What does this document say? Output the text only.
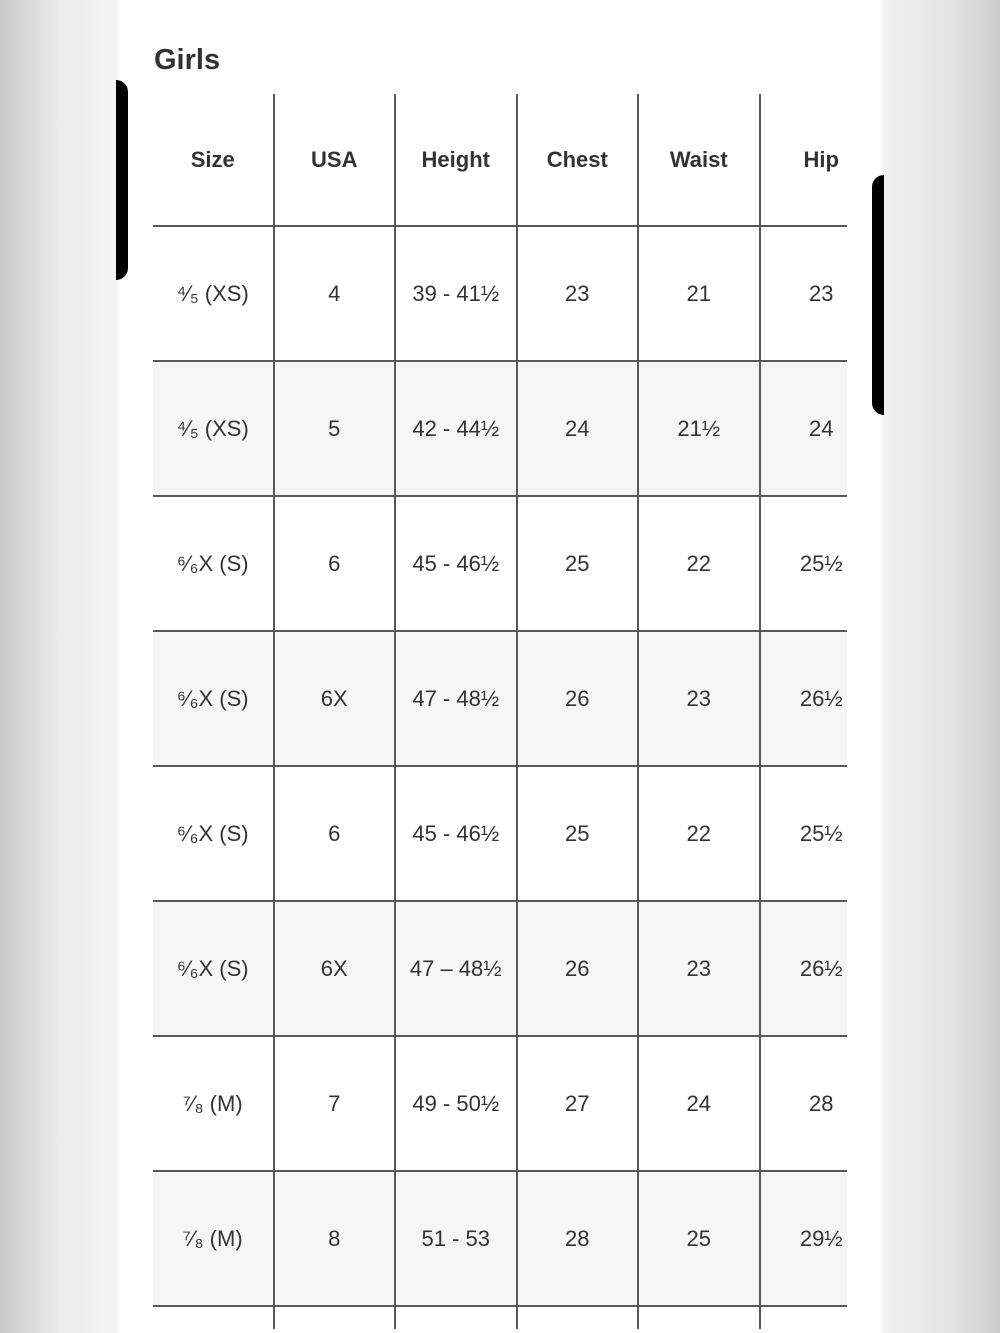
Girls
Size	USA	Height	Chest	Waist	Hip
⁴⁄₅ (XS)	4	39 - 41½	23	21	23
⁴⁄₅ (XS)	5	42 - 44½	24	21½	24
⁶⁄₆X (S)	6	45 - 46½	25	22	25½
⁶⁄₆X (S)	6X	47 - 48½	26	23	26½
⁶⁄₆X (S)	6	45 - 46½	25	22	25½
⁶⁄₆X (S)	6X	47 – 48½	26	23	26½
⁷⁄₈ (M)	7	49 - 50½	27	24	28
⁷⁄₈ (M)	8	51 - 53	28	25	29½
